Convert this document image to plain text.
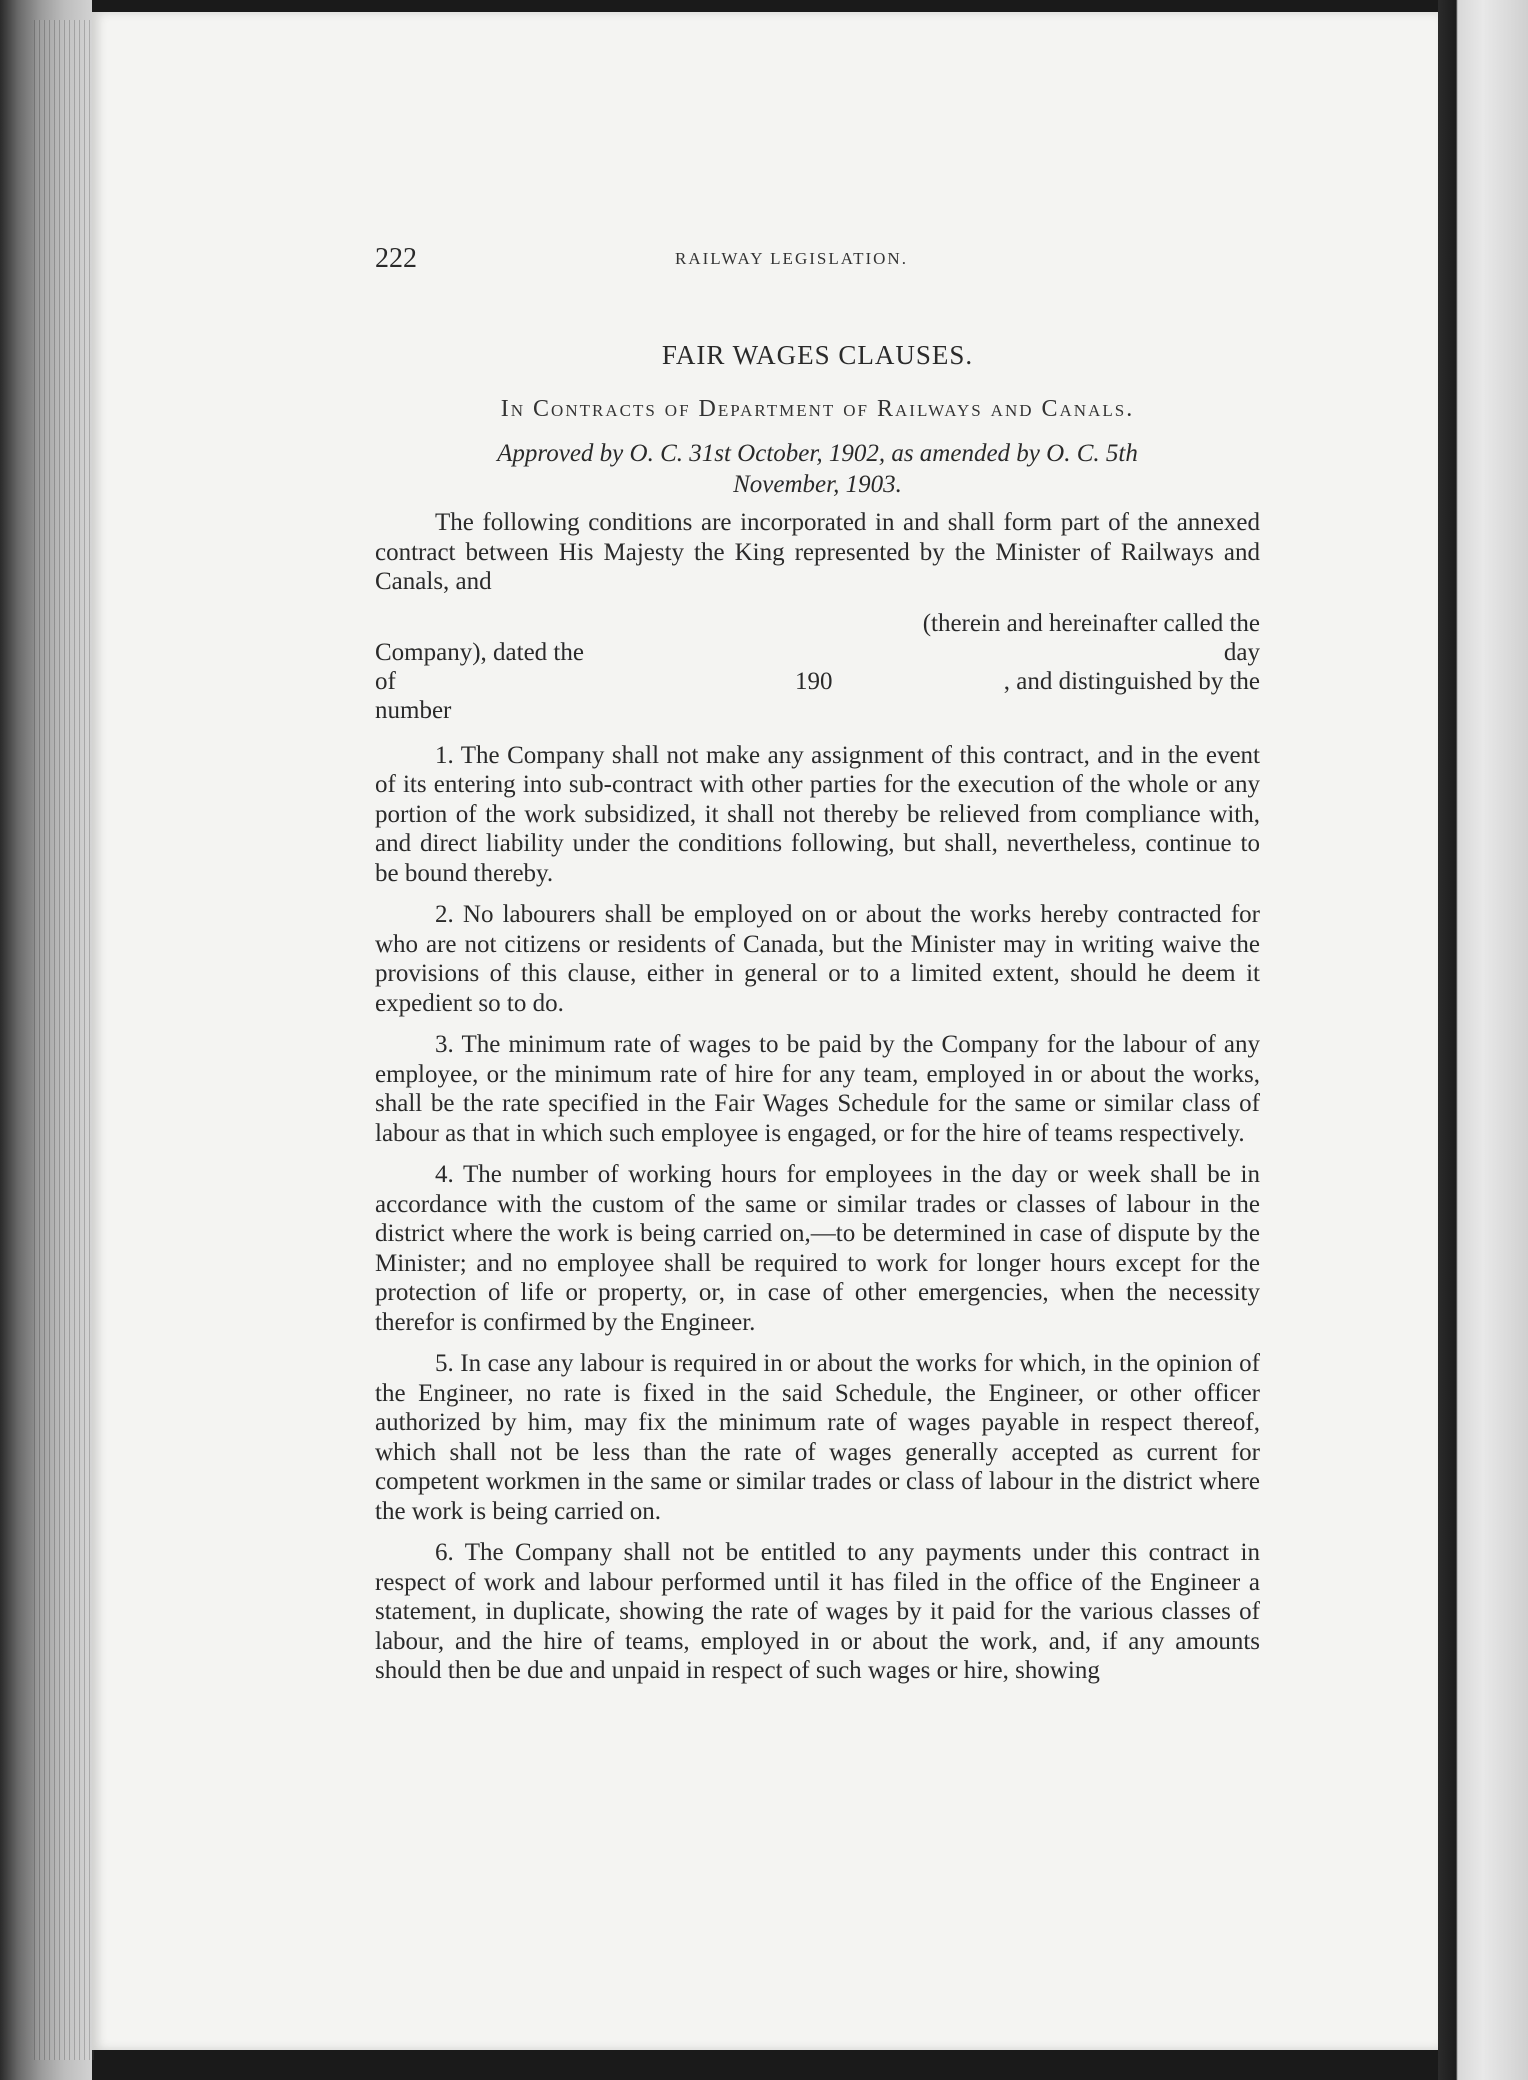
222	RAILWAY LEGISLATION.
FAIR WAGES CLAUSES.
In Contracts of Department of Railways and Canals.
Approved by O. C. 31st October, 1902, as amended by O. C. 5th
November, 1903.

The following conditions are incorporated in and shall form part of the annexed contract between His Majesty the King represented by the Minister of Railways and Canals, and

(therein and hereinafter called the
Company), dated the	day
of	190	, and distinguished by the
number

1. The Company shall not make any assignment of this contract, and in the event of its entering into sub-contract with other parties for the execution of the whole or any portion of the work subsidized, it shall not thereby be relieved from compliance with, and direct liability under the conditions following, but shall, nevertheless, continue to be bound thereby.

2. No labourers shall be employed on or about the works hereby contracted for who are not citizens or residents of Canada, but the Minister may in writing waive the provisions of this clause, either in general or to a limited extent, should he deem it expedient so to do.

3. The minimum rate of wages to be paid by the Company for the labour of any employee, or the minimum rate of hire for any team, employed in or about the works, shall be the rate specified in the Fair Wages Schedule for the same or similar class of labour as that in which such employee is engaged, or for the hire of teams respectively.

4. The number of working hours for employees in the day or week shall be in accordance with the custom of the same or similar trades or classes of labour in the district where the work is being carried on,—to be determined in case of dispute by the Minister; and no employee shall be required to work for longer hours except for the protection of life or property, or, in case of other emergencies, when the necessity therefor is confirmed by the Engineer.

5. In case any labour is required in or about the works for which, in the opinion of the Engineer, no rate is fixed in the said Schedule, the Engineer, or other officer authorized by him, may fix the minimum rate of wages payable in respect thereof, which shall not be less than the rate of wages generally accepted as current for competent workmen in the same or similar trades or class of labour in the district where the work is being carried on.

6. The Company shall not be entitled to any payments under this contract in respect of work and labour performed until it has filed in the office of the Engineer a statement, in duplicate, showing the rate of wages by it paid for the various classes of labour, and the hire of teams, employed in or about the work, and, if any amounts should then be due and unpaid in respect of such wages or hire, showing
